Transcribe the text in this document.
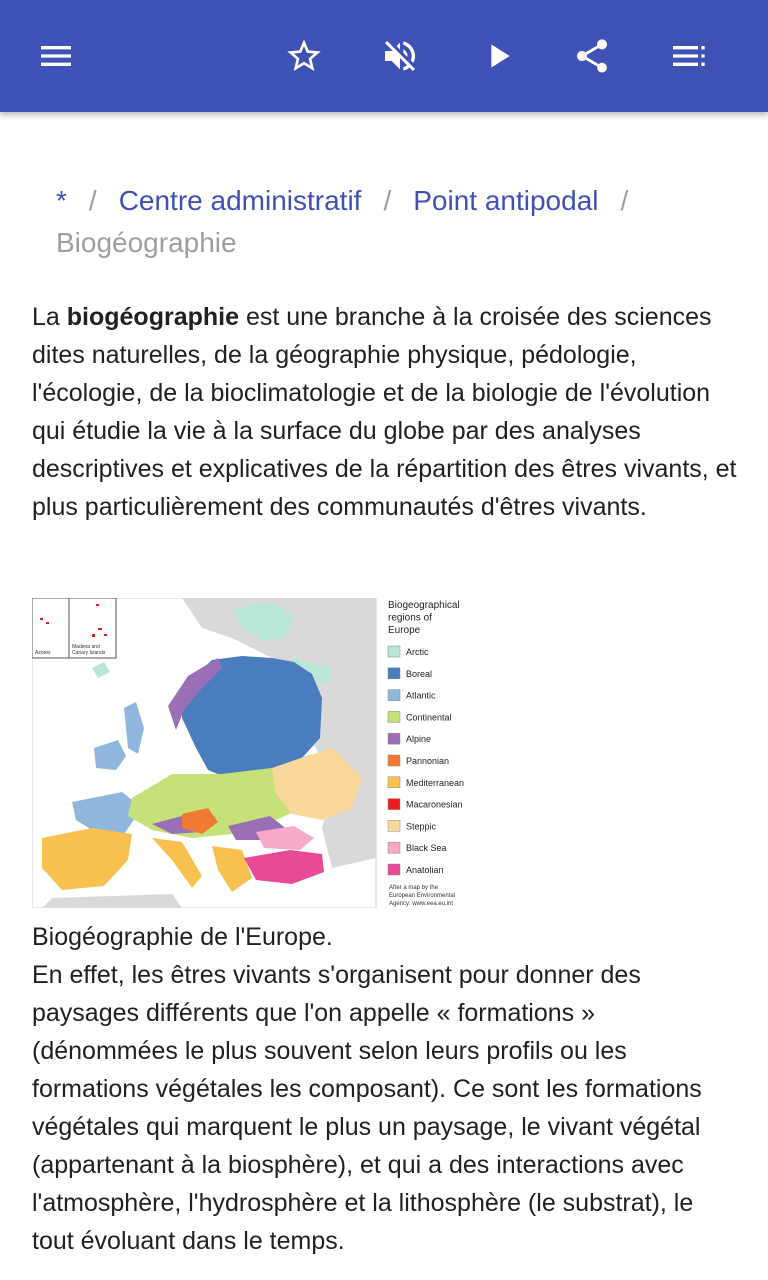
* / Centre administratif / Point antipodal /
Biogéographie

La biogéographie est une branche à la croisée des sciences dites naturelles, de la géographie physique, pédologie, l'écologie, de la bioclimatologie et de la biologie de l'évolution qui étudie la vie à la surface du globe par des analyses descriptives et explicatives de la répartition des êtres vivants, et plus particulièrement des communautés d'êtres vivants.

Azores
Madeira and
Canary Islands
Biogeographical
regions of
Europe
Arctic
Boreal
Atlantic
Continental
Alpine
Pannonian
Mediterranean
Macaronesian
Steppic
Black Sea
Anatolian
After a map by the
European Environmental
Agency: www.eea.eu.int

Biogéographie de l'Europe.

En effet, les êtres vivants s'organisent pour donner des paysages différents que l'on appelle « formations » (dénommées le plus souvent selon leurs profils ou les formations végétales les composant). Ce sont les formations végétales qui marquent le plus un paysage, le vivant végétal (appartenant à la biosphère), et qui a des interactions avec l'atmosphère, l'hydrosphère et la lithosphère (le substrat), le tout évoluant dans le temps.
